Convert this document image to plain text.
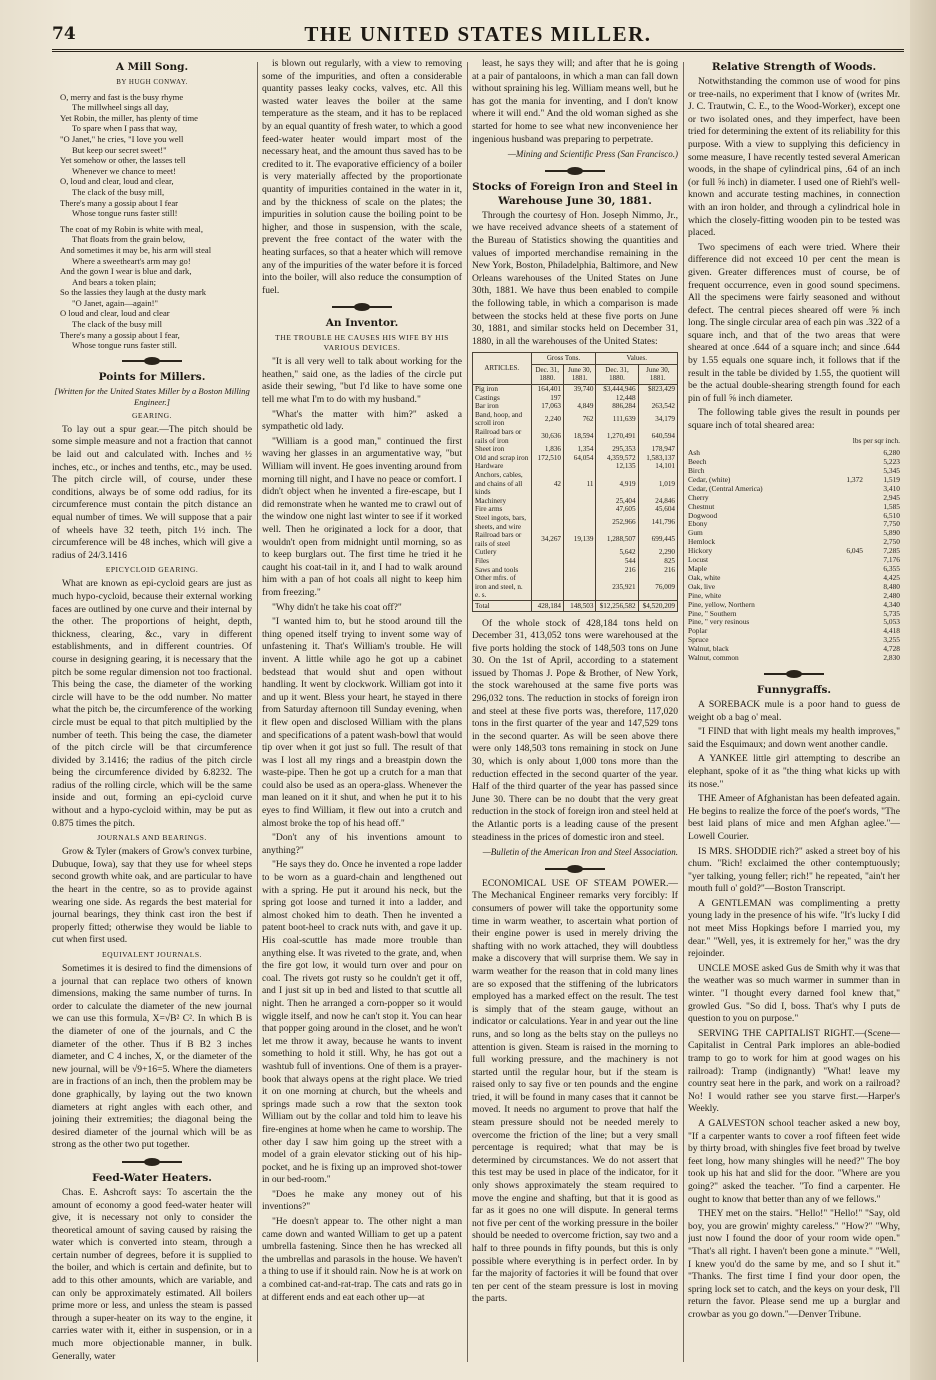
74	THE UNITED STATES MILLER.
A Mill Song.
BY HUGH CONWAY.
O, merry and fast is the busy rhyme
The millwheel sings all day,
Yet Robin, the miller, has plenty of time
To spare when I pass that way,
"O Janet," he cries, "I love you well
But keep our secret sweet!"
Yet somehow or other, the lasses tell
Whenever we chance to meet!
O, loud and clear, loud and clear,
The clack of the busy mill,
There's many a gossip about I fear
Whose tongue runs faster still!
The coat of my Robin is white with meal,
That floats from the grain below,
And sometimes it may be, his arm will steal
Where a sweetheart's arm may go!
And the gown I wear is blue and dark,
And bears a token plain;
So the lassies they laugh at the dusty mark
"O Janet, again—again!"
O loud and clear, loud and clear
The clack of the busy mill
There's many a gossip about I fear,
Whose tongue runs faster still.
Points for Millers.
[Written for the United States Miller by a Boston Milling Engineer.]
GEARING.

To lay out a spur gear.—The pitch should be some simple measure and not a fraction that cannot be laid out and calculated with. Inches and ½ inches, etc., or inches and tenths, etc., may be used. The pitch circle will, of course, under these conditions, always be of some odd radius, for its circumference must contain the pitch distance an equal number of times. We will suppose that a pair of wheels have 32 teeth, pitch 1½ inch. The circumference will be 48 inches, which will give a radius of 24/3.1416

EPICYCLOID GEARING.

What are known as epi-cycloid gears are just as much hypo-cycloid, because their external working faces are outlined by one curve and their internal by the other. The proportions of height, depth, thickness, clearing, &c., vary in different establishments, and in different countries. Of course in designing gearing, it is necessary that the pitch be some regular dimension not too fractional. This being the case, the diameter of the working circle will have to be the odd number. No matter what the pitch be, the circumference of the working circle must be equal to that pitch multiplied by the number of teeth. This being the case, the diameter of the pitch circle will be that circumference divided by 3.1416; the radius of the pitch circle being the circumference divided by 6.8232. The radius of the rolling circle, which will be the same inside and out, forming an epi-cycloid curve without and a hypo-cycloid within, may be put as 0.875 times the pitch.

JOURNALS AND BEARINGS.

Grow & Tyler (makers of Grow's convex turbine, Dubuque, Iowa), say that they use for wheel steps second growth white oak, and are particular to have the heart in the centre, so as to provide against wearing one side. As regards the best material for journal bearings, they think cast iron the best if properly fitted; otherwise they would be liable to cut when first used.

EQUIVALENT JOURNALS.

Sometimes it is desired to find the dimensions of a journal that can replace two others of known dimensions, making the same number of turns. In order to calculate the diameter of the new journal we can use this formula, X=√B² C². In which B is the diameter of one of the journals, and C the diameter of the other. Thus if B B2 3 inches diameter, and C 4 inches, X, or the diameter of the new journal, will be √9+16=5. Where the diameters are in fractions of an inch, then the problem may be done graphically, by laying out the two known diameters at right angles with each other, and joining their extremities; the diagonal being the desired diameter of the journal which will be as strong as the other two put together.

Feed-Water Heaters.

Chas. E. Ashcroft says: To ascertain the the amount of economy a good feed-water heater will give, it is necessary not only to consider the theoretical amount of saving caused by raising the water which is converted into steam, through a certain number of degrees, before it is supplied to the boiler, and which is certain and definite, but to add to this other amounts, which are variable, and can only be approximately estimated. All boilers prime more or less, and unless the steam is passed through a super-heater on its way to the engine, it carries water with it, either in suspension, or in a much more objectionable manner, in bulk. Generally, water

is blown out regularly, with a view to removing some of the impurities, and often a considerable quantity passes leaky cocks, valves, etc. All this wasted water leaves the boiler at the same temperature as the steam, and it has to be replaced by an equal quantity of fresh water, to which a good feed-water heater would impart most of the necessary heat, and the amount thus saved has to be credited to it. The evaporative efficiency of a boiler is very materially affected by the proportionate quantity of impurities contained in the water in it, and by the thickness of scale on the plates; the impurities in solution cause the boiling point to be higher, and those in suspension, with the scale, prevent the free contact of the water with the heating surfaces, so that a heater which will remove any of the impurities of the water before it is forced into the boiler, will also reduce the consumption of fuel.

An Inventor.
THE TROUBLE HE CAUSES HIS WIFE BY HIS VARIOUS DEVICES.

"It is all very well to talk about working for the heathen," said one, as the ladies of the circle put aside their sewing, "but I'd like to have some one tell me what I'm to do with my husband."

"What's the matter with him?" asked a sympathetic old lady.

"William is a good man," continued the first waving her glasses in an argumentative way, "but William will invent. He goes inventing around from morning till night, and I have no peace or comfort. I didn't object when he invented a fire-escape, but I did remonstrate when he wanted me to crawl out of the window one night last winter to see if it worked well. Then he originated a lock for a door, that wouldn't open from midnight until morning, so as to keep burglars out. The first time he tried it he caught his coat-tail in it, and I had to walk around him with a pan of hot coals all night to keep him from freezing."

"Why didn't he take his coat off?"

"I wanted him to, but he stood around till the thing opened itself trying to invent some way of unfastening it. That's William's trouble. He will invent. A little while ago he got up a cabinet bedstead that would shut and open without handling. It went by clockwork. William got into it and up it went. Bless your heart, he stayed in there from Saturday afternoon till Sunday evening, when it flew open and disclosed William with the plans and specifications of a patent wash-bowl that would tip over when it got just so full. The result of that was I lost all my rings and a breastpin down the waste-pipe. Then he got up a crutch for a man that could also be used as an opera-glass. Whenever the man leaned on it it shut, and when he put it to his eyes to find William, it flew out into a crutch and almost broke the top of his head off."

"Don't any of his inventions amount to anything?"

"He says they do. Once he invented a rope ladder to be worn as a guard-chain and lengthened out with a spring. He put it around his neck, but the spring got loose and turned it into a ladder, and almost choked him to death. Then he invented a patent boot-heel to crack nuts with, and gave it up. His coal-scuttle has made more trouble than anything else. It was riveted to the grate, and, when the fire got low, it would turn over and pour on coal. The rivets got rusty so he couldn't get it off, and I just sit up in bed and listed to that scuttle all night. Then he arranged a corn-popper so it would wiggle itself, and now he can't stop it. You can hear that popper going around in the closet, and he won't let me throw it away, because he wants to invent something to hold it still. Why, he has got out a washtub full of inventions. One of them is a prayer-book that always opens at the right place. We tried it on one morning at church, but the wheels and springs made such a row that the sexton took William out by the collar and told him to leave his fire-engines at home when he came to worship. The other day I saw him going up the street with a model of a grain elevator sticking out of his hip-pocket, and he is fixing up an improved shot-tower in our bed-room."

"Does he make any money out of his inventions?"

"He doesn't appear to. The other night a man came down and wanted William to get up a patent umbrella fastening. Since then he has wrecked all the umbrellas and parasols in the house. We haven't a thing to use if it should rain. Now he is at work on a combined cat-and-rat-trap. The cats and rats go in at different ends and eat each other up—at

least, he says they will; and after that he is going at a pair of pantaloons, in which a man can fall down without spraining his leg. William means well, but he has got the mania for inventing, and I don't know where it will end." And the old woman sighed as she started for home to see what new inconvenience her ingenious husband was preparing to perpetrate.

—Mining and Scientific Press (San Francisco.)
Stocks of Foreign Iron and Steel in Warehouse June 30, 1881.

Through the courtesy of Hon. Joseph Nimmo, Jr., we have received advance sheets of a statement of the Bureau of Statistics showing the quantities and values of imported merchandise remaining in the New York, Boston, Philadelphia, Baltimore, and New Orleans warehouses of the United States on June 30th, 1881. We have thus been enabled to compile the following table, in which a comparison is made between the stocks held at these five ports on June 30, 1881, and similar stocks held on December 31, 1880, in all the warehouses of the United States:

ARTICLES.	Gross Tons.		Values.	
	Dec. 31, 1880.	June 30, 1881.	Dec. 31, 1880.	June 30, 1881.
Pig iron	164,401	39,740	$3,444,946	$823,429
Castings	197		12,448	
Bar iron	17,063	4,849	886,284	263,542
Band, hoop, and scroll iron	2,240	762	111,639	34,179
Railroad bars or rails of iron	30,636	18,594	1,270,491	640,594
Sheet iron	1,836	1,354	295,353	178,947
Old and scrap iron	172,510	64,054	4,359,572	1,583,137
Hardware			12,135	14,101
Anchors, cables, and chains of all kinds	42	11	4,919	1,019
Machinery			25,404	24,846
Fire arms			47,605	45,604
Steel ingots, bars, sheets, and wire			252,966	141,796
Railroad bars or rails of steel	34,267	19,139	1,288,507	699,445
Cutlery			5,642	2,290
Files			544	825
Saws and tools			216	216
Other mfrs. of iron and steel, n. e. s.			235,921	76,009
Total	428,184	148,503	$12,256,582	$4,520,209

Of the whole stock of 428,184 tons held on December 31, 413,052 tons were warehoused at the five ports holding the stock of 148,503 tons on June 30. On the 1st of April, according to a statement issued by Thomas J. Pope & Brother, of New York, the stock warehoused at the same five ports was 296,032 tons. The reduction in stocks of foreign iron and steel at these five ports was, therefore, 117,020 tons in the first quarter of the year and 147,529 tons in the second quarter. As will be seen above there were only 148,503 tons remaining in stock on June 30, which is only about 1,000 tons more than the reduction effected in the second quarter of the year. Half of the third quarter of the year has passed since June 30. There can be no doubt that the very great reduction in the stock of foreign iron and steel held at the Atlantic ports is a leading cause of the present steadiness in the prices of domestic iron and steel.

—Bulletin of the American Iron and Steel Association.

ECONOMICAL USE OF STEAM POWER.—The Mechanical Engineer remarks very forcibly: If consumers of power will take the opportunity some time in warm weather, to ascertain what portion of their engine power is used in merely driving the shafting with no work attached, they will doubtless make a discovery that will surprise them. We say in warm weather for the reason that in cold many lines are so exposed that the stiffening of the lubricators employed has a marked effect on the result. The test is simply that of the steam gauge, without an indicator or calculations. Year in and year out the line runs, and so long as the belts stay on the pulleys no attention is given. Steam is raised in the morning to full working pressure, and the machinery is not started until the regular hour, but if the steam is raised only to say five or ten pounds and the engine tried, it will be found in many cases that it cannot be moved. It needs no argument to prove that half the steam pressure should not be needed merely to overcome the friction of the line; but a very small percentage is required; what that may be is determined by circumstances. We do not assert that this test may be used in place of the indicator, for it only shows approximately the steam required to move the engine and shafting, but that it is good as far as it goes no one will dispute. In general terms not five per cent of the working pressure in the boiler should be needed to overcome friction, say two and a half to three pounds in fifty pounds, but this is only possible where everything is in perfect order. In by far the majority of factories it will be found that over ten per cent of the steam pressure is lost in moving the parts.

Relative Strength of Woods.

Notwithstanding the common use of wood for pins or tree-nails, no experiment that I know of (writes Mr. J. C. Trautwin, C. E., to the Wood-Worker), except one or two isolated ones, and they imperfect, have been tried for determining the extent of its reliability for this purpose. With a view to supplying this deficiency in some measure, I have recently tested several American woods, in the shape of cylindrical pins, .64 of an inch (or full ⅝ inch) in diameter. I used one of Riehl's well-known and accurate testing machines, in connection with an iron holder, and through a cylindrical hole in which the closely-fitting wooden pin to be tested was placed.

Two specimens of each were tried. Where their difference did not exceed 10 per cent the mean is given. Greater differences must of course, be of frequent occurrence, even in good sound specimens. All the specimens were fairly seasoned and without defect. The central pieces sheared off were ⅝ inch long. The single circular area of each pin was .322 of a square inch, and that of the two areas that were sheared at once .644 of a square inch; and since .644 by 1.55 equals one square inch, it follows that if the result in the table be divided by 1.55, the quotient will be the actual double-shearing strength found for each pin of full ⅝ inch diameter.

The following table gives the result in pounds per square inch of total sheared area:

lbs per sqr inch.
Ash		6,280
Beech		5,223
Birch		5,345
Cedar, (white)	1,372	1,519
Cedar, (Central America)		3,410
Cherry		2,945
Chestnut		1,585
Dogwood		6,510
Ebony		7,750
Gum		5,890
Hemlock		2,750
Hickory	6,045	7,285
Locust		7,176
Maple		6,355
Oak, white		4,425
Oak, live		8,480
Pine, white		2,480
Pine, yellow, Northern		4,340
Pine, " Southern		5,735
Pine, " very resinous		5,053
Poplar		4,418
Spruce		3,255
Walnut, black		4,728
Walnut, common		2,830
Funnygraffs.

A SOREBACK mule is a poor hand to guess de weight ob a bag o' meal.

"I FIND that with light meals my health improves," said the Esquimaux; and down went another candle.

A YANKEE little girl attempting to describe an elephant, spoke of it as "the thing what kicks up with its nose."

THE Ameer of Afghanistan has been defeated again. He begins to realize the force of the poet's words, "The best laid plans of mice and men Afghan aglee."—Lowell Courier.

IS MRS. SHODDIE rich?" asked a street boy of his chum. "Rich! exclaimed the other contemptuously; "yer talking, young feller; rich!" he repeated, "ain't her mouth full o' gold?"—Boston Transcript.

A GENTLEMAN was complimenting a pretty young lady in the presence of his wife. "It's lucky I did not meet Miss Hopkings before I married you, my dear." "Well, yes, it is extremely for her," was the dry rejoinder.

UNCLE MOSE asked Gus de Smith why it was that the weather was so much warmer in summer than in winter. "I thought every darned fool knew that," growled Gus. "So did I, boss. That's why I puts de question to you on purpose."

SERVING THE CAPITALIST RIGHT.—(Scene—Capitalist in Central Park implores an able-bodied tramp to go to work for him at good wages on his railroad): Tramp (indignantly) "What! leave my country seat here in the park, and work on a railroad? No! I would rather see you starve first.—Harper's Weekly.

A GALVESTON school teacher asked a new boy, "If a carpenter wants to cover a roof fifteen feet wide by thirty broad, with shingles five feet broad by twelve feet long, how many shingles will he need?" The boy took up his hat and slid for the door. "Where are you going?" asked the teacher. "To find a carpenter. He ought to know that better than any of we fellows."

THEY met on the stairs. "Hello!" "Hello!" "Say, old boy, you are growin' mighty careless." "How?" "Why, just now I found the door of your room wide open." "That's all right. I haven't been gone a minute." "Well, I knew you'd do the same by me, and so I shut it." "Thanks. The first time I find your door open, the spring lock set to catch, and the keys on your desk, I'll return the favor. Please send me up a burglar and crowbar as you go down."—Denver Tribune.
